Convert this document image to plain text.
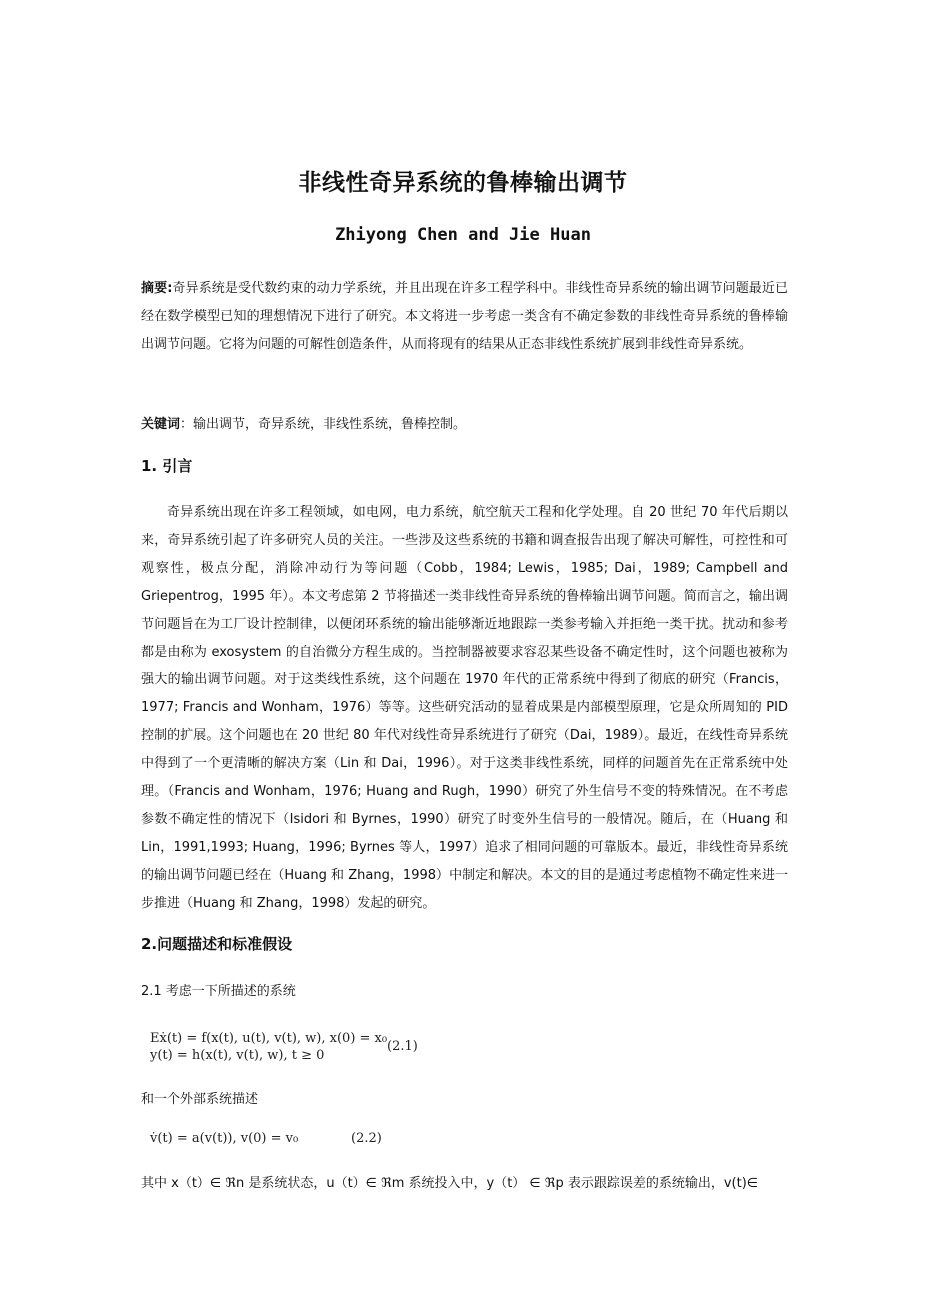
非线性奇异系统的鲁棒输出调节
Zhiyong Chen and Jie Huan
摘要:奇异系统是受代数约束的动力学系统，并且出现在许多工程学科中。非线性奇异系统的输出调节问题最近已经在数学模型已知的理想情况下进行了研究。本文将进一步考虑一类含有不确定参数的非线性奇异系统的鲁棒输出调节问题。它将为问题的可解性创造条件，从而将现有的结果从正态非线性系统扩展到非线性奇异系统。
关键词：输出调节，奇异系统，非线性系统，鲁棒控制。
1. 引言
奇异系统出现在许多工程领域，如电网，电力系统，航空航天工程和化学处理。自 20 世纪 70 年代后期以来，奇异系统引起了许多研究人员的关注。一些涉及这些系统的书籍和调查报告出现了解决可解性，可控性和可观察性，极点分配，消除冲动行为等问题（Cobb，1984; Lewis，1985; Dai，1989; Campbell and Griepentrog，1995 年）。本文考虑第 2 节将描述一类非线性奇异系统的鲁棒输出调节问题。简而言之，输出调节问题旨在为工厂设计控制律，以便闭环系统的输出能够渐近地跟踪一类参考输入并拒绝一类干扰。扰动和参考都是由称为 exosystem 的自治微分方程生成的。当控制器被要求容忍某些设备不确定性时，这个问题也被称为强大的输出调节问题。对于这类线性系统，这个问题在 1970 年代的正常系统中得到了彻底的研究（Francis，1977; Francis and Wonham，1976）等等。这些研究活动的显着成果是内部模型原理，它是众所周知的 PID 控制的扩展。这个问题也在 20 世纪 80 年代对线性奇异系统进行了研究（Dai，1989）。最近，在线性奇异系统中得到了一个更清晰的解决方案（Lin 和 Dai，1996）。对于这类非线性系统，同样的问题首先在正常系统中处理。（Francis and Wonham，1976; Huang and Rugh，1990）研究了外生信号不变的特殊情况。在不考虑参数不确定性的情况下（Isidori 和 Byrnes，1990）研究了时变外生信号的一般情况。随后，在（Huang 和 Lin，1991,1993; Huang，1996; Byrnes 等人，1997）追求了相同问题的可靠版本。最近，非线性奇异系统的输出调节问题已经在（Huang 和 Zhang，1998）中制定和解决。本文的目的是通过考虑植物不确定性来进一步推进（Huang 和 Zhang，1998）发起的研究。
2.问题描述和标准假设
2.1 考虑一下所描述的系统
Eẋ(t) = f(x(t), u(t), v(t), w), x(0) = x₀
y(t) = h(x(t), v(t), w), t ≥ 0
(2.1)
和一个外部系统描述
v̇(t) = a(v(t)), v(0) = v₀	(2.2)
其中 x（t）∈ ℜn 是系统状态，u（t）∈ ℜm 系统投入中，y（t） ∈ ℜp 表示跟踪误差的系统输出，v(t)∈
